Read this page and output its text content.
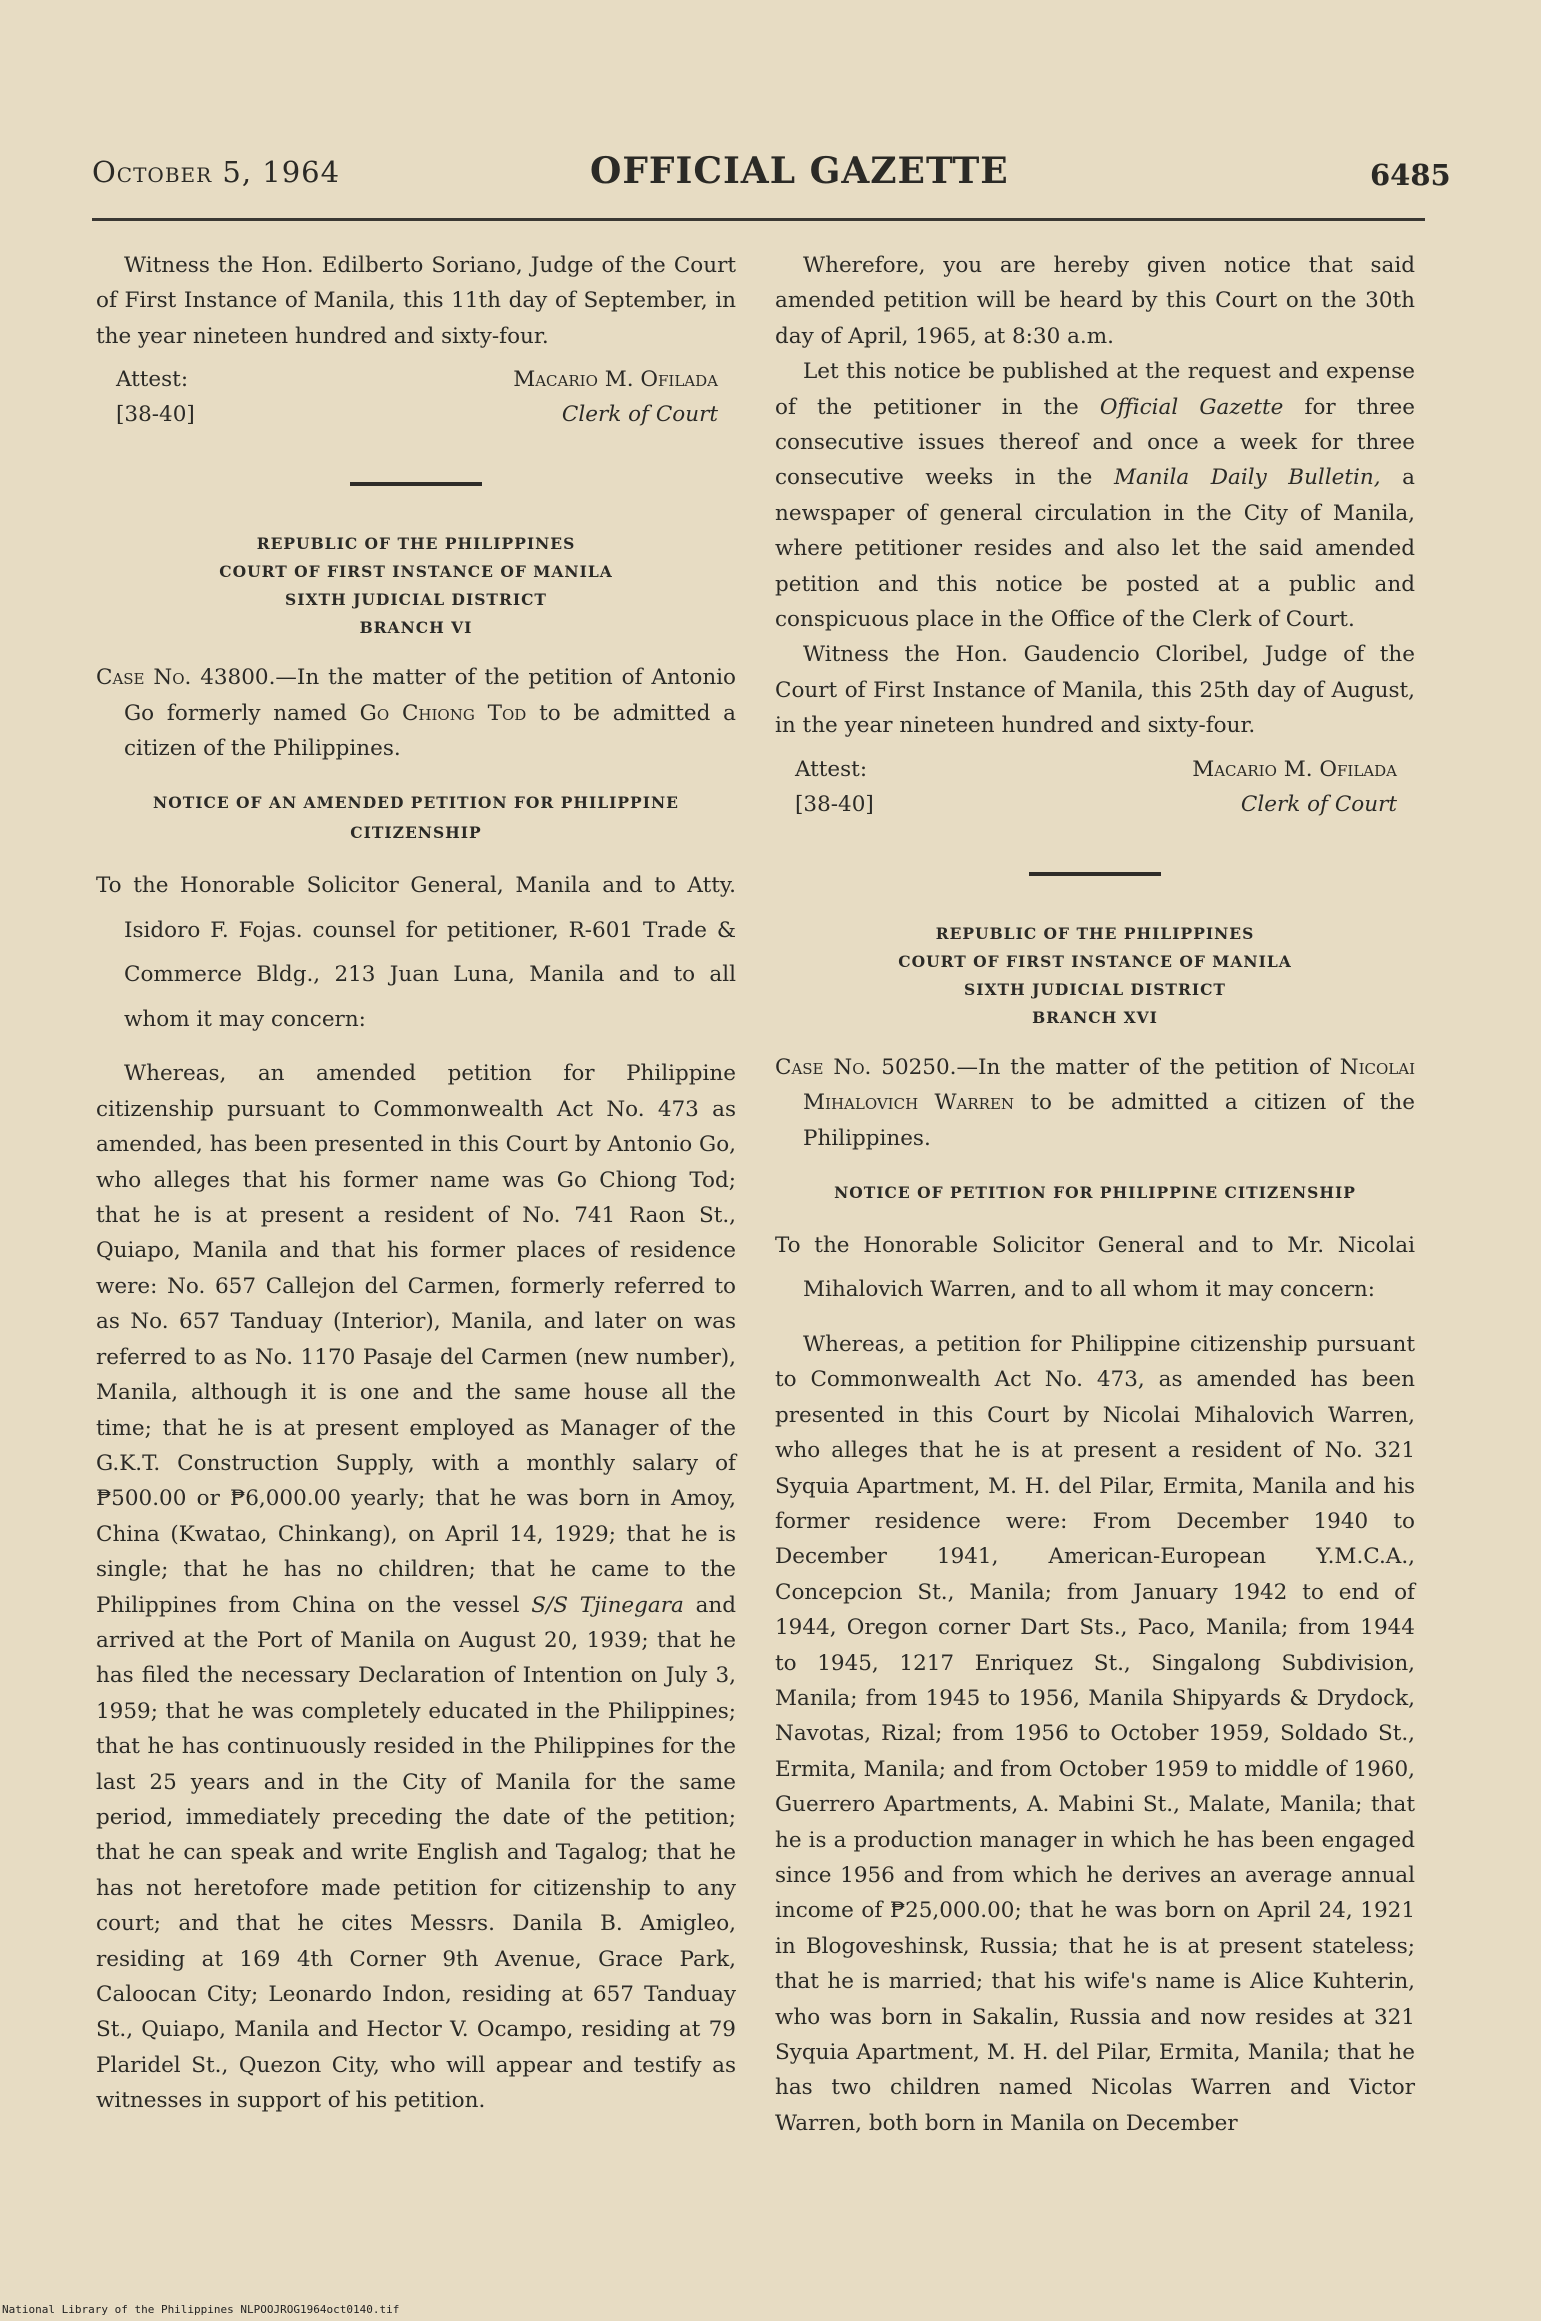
October 5, 1964	OFFICIAL GAZETTE	6485

Witness the Hon. Edilberto Soriano, Judge of the Court of First Instance of Manila, this 11th day of September, in the year nineteen hundred and sixty-four.

Attest:
[38-40]
Macario M. Ofilada
Clerk of Court
REPUBLIC OF THE PHILIPPINES
COURT OF FIRST INSTANCE OF MANILA
SIXTH JUDICIAL DISTRICT
BRANCH VI

Case No. 43800.—In the matter of the petition of Antonio Go formerly named Go Chiong Tod to be admitted a citizen of the Philippines.

NOTICE OF AN AMENDED PETITION FOR PHILIPPINE CITIZENSHIP

To the Honorable Solicitor General, Manila and to Atty. Isidoro F. Fojas. counsel for petitioner, R-601 Trade & Commerce Bldg., 213 Juan Luna, Manila and to all whom it may concern:

Whereas, an amended petition for Philippine citizenship pursuant to Commonwealth Act No. 473 as amended, has been presented in this Court by Antonio Go, who alleges that his former name was Go Chiong Tod; that he is at present a resident of No. 741 Raon St., Quiapo, Manila and that his former places of residence were: No. 657 Callejon del Carmen, formerly referred to as No. 657 Tanduay (Interior), Manila, and later on was referred to as No. 1170 Pasaje del Carmen (new number), Manila, although it is one and the same house all the time; that he is at present employed as Manager of the G.K.T. Construction Supply, with a monthly salary of ₱500.00 or ₱6,000.00 yearly; that he was born in Amoy, China (Kwatao, Chinkang), on April 14, 1929; that he is single; that he has no children; that he came to the Philippines from China on the vessel S/S Tjinegara and arrived at the Port of Manila on August 20, 1939; that he has filed the necessary Declaration of Intention on July 3, 1959; that he was completely educated in the Philippines; that he has continuously resided in the Philippines for the last 25 years and in the City of Manila for the same period, immediately preceding the date of the petition; that he can speak and write English and Tagalog; that he has not heretofore made petition for citizenship to any court; and that he cites Messrs. Danila B. Amigleo, residing at 169 4th Corner 9th Avenue, Grace Park, Caloocan City; Leonardo Indon, residing at 657 Tanduay St., Quiapo, Manila and Hector V. Ocampo, residing at 79 Plaridel St., Quezon City, who will appear and testify as witnesses in support of his petition.

Wherefore, you are hereby given notice that said amended petition will be heard by this Court on the 30th day of April, 1965, at 8:30 a.m.

Let this notice be published at the request and expense of the petitioner in the Official Gazette for three consecutive issues thereof and once a week for three consecutive weeks in the Manila Daily Bulletin, a newspaper of general circulation in the City of Manila, where petitioner resides and also let the said amended petition and this notice be posted at a public and conspicuous place in the Office of the Clerk of Court.

Witness the Hon. Gaudencio Cloribel, Judge of the Court of First Instance of Manila, this 25th day of August, in the year nineteen hundred and sixty-four.

Attest:
[38-40]
Macario M. Ofilada
Clerk of Court
REPUBLIC OF THE PHILIPPINES
COURT OF FIRST INSTANCE OF MANILA
SIXTH JUDICIAL DISTRICT
BRANCH XVI

Case No. 50250.—In the matter of the petition of Nicolai Mihalovich Warren to be admitted a citizen of the Philippines.

NOTICE OF PETITION FOR PHILIPPINE CITIZENSHIP

To the Honorable Solicitor General and to Mr. Nicolai Mihalovich Warren, and to all whom it may concern:

Whereas, a petition for Philippine citizenship pursuant to Commonwealth Act No. 473, as amended has been presented in this Court by Nicolai Mihalovich Warren, who alleges that he is at present a resident of No. 321 Syquia Apartment, M. H. del Pilar, Ermita, Manila and his former residence were: From December 1940 to December 1941, American-European Y.M.C.A., Concepcion St., Manila; from January 1942 to end of 1944, Oregon corner Dart Sts., Paco, Manila; from 1944 to 1945, 1217 Enriquez St., Singalong Subdivision, Manila; from 1945 to 1956, Manila Shipyards & Drydock, Navotas, Rizal; from 1956 to October 1959, Soldado St., Ermita, Manila; and from October 1959 to middle of 1960, Guerrero Apartments, A. Mabini St., Malate, Manila; that he is a production manager in which he has been engaged since 1956 and from which he derives an average annual income of ₱25,000.00; that he was born on April 24, 1921 in Blogoveshinsk, Russia; that he is at present stateless; that he is married; that his wife's name is Alice Kuhterin, who was born in Sakalin, Russia and now resides at 321 Syquia Apartment, M. H. del Pilar, Ermita, Manila; that he has two children named Nicolas Warren and Victor Warren, both born in Manila on December

National Library of the Philippines NLPOOJROG1964oct0140.tif
